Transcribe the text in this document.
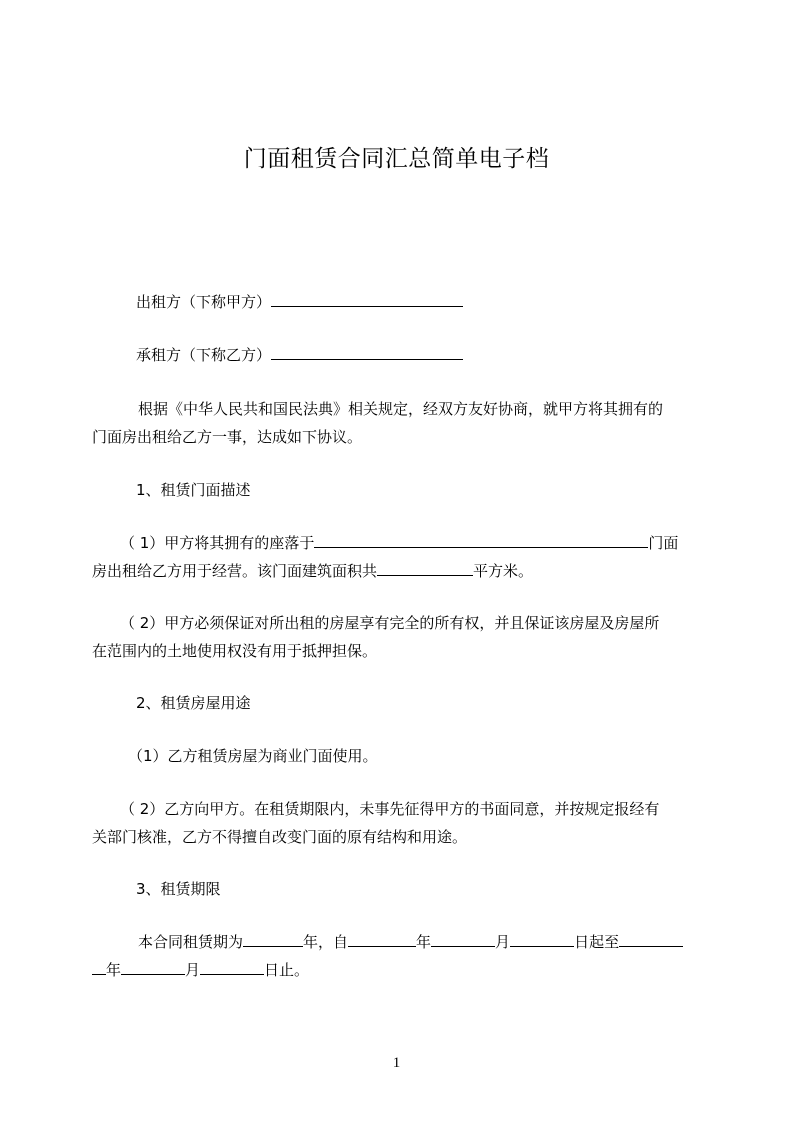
门面租赁合同汇总简单电子档
出租方（下称甲方）
承租方（下称乙方）
根据《中华人民共和国民法典》相关规定，经双方友好协商，就甲方将其拥有的
门面房出租给乙方一事，达成如下协议。
1、租赁门面描述
（ 1）甲方将其拥有的座落于	门面
房出租给乙方用于经营。该门面建筑面积共	平方米。
（ 2）甲方必须保证对所出租的房屋享有完全的所有权，并且保证该房屋及房屋所
在范围内的土地使用权没有用于抵押担保。
2、租赁房屋用途
（1）乙方租赁房屋为商业门面使用。
（ 2）乙方向甲方。在租赁期限内，未事先征得甲方的书面同意，并按规定报经有
关部门核准，乙方不得擅自改变门面的原有结构和用途。
3、租赁期限
本合同租赁期为	年，自	年	月	日起至
年	月	日止。
1
